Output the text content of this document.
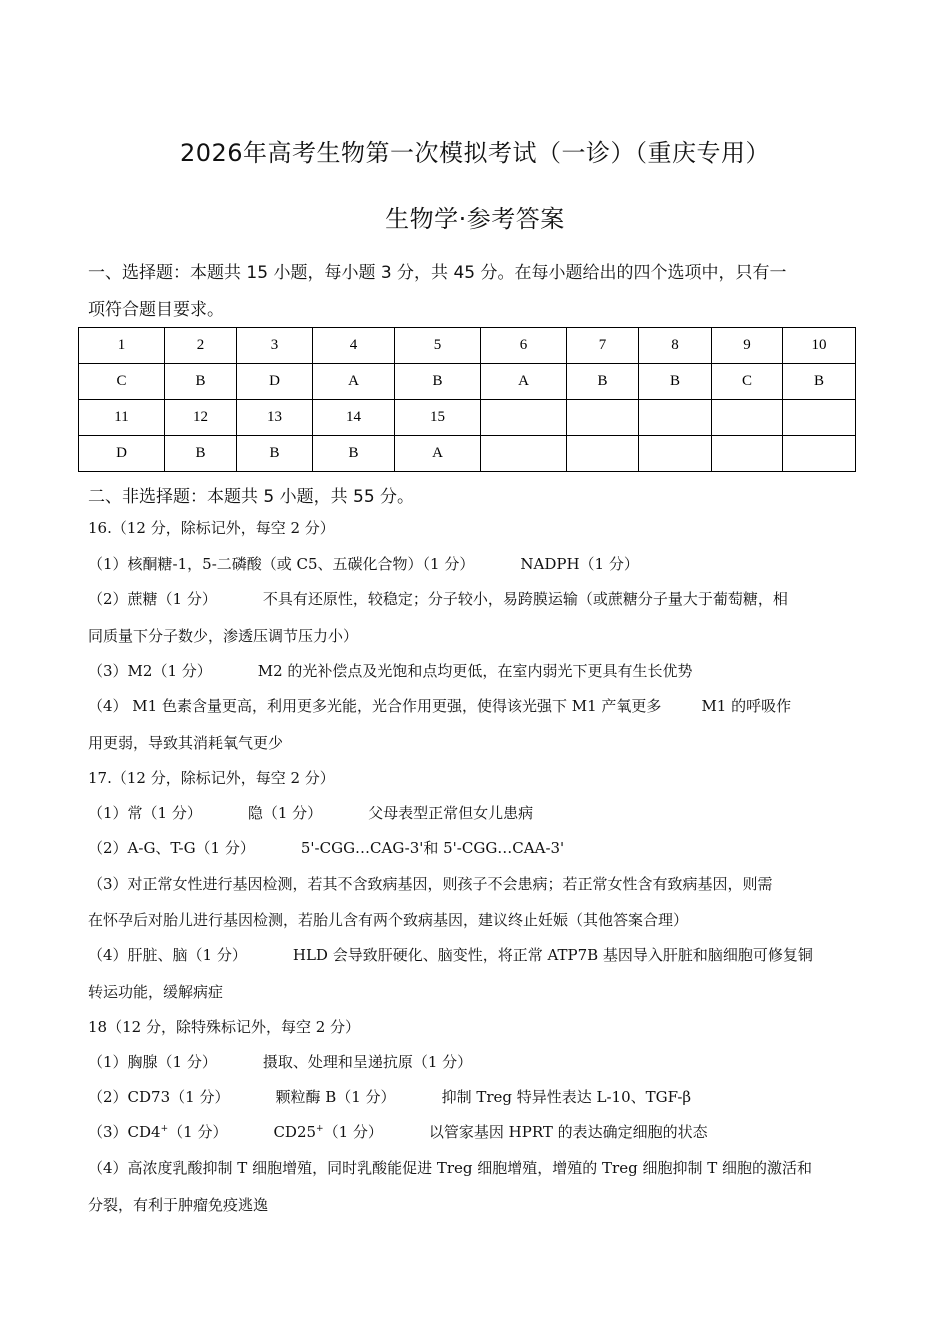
2026年高考生物第一次模拟考试（一诊）（重庆专用）
生物学·参考答案
一、选择题：本题共 15 小题，每小题 3 分，共 45 分。在每小题给出的四个选项中，只有一
项符合题目要求。
1	2	3	4	5	6	7	8	9	10
C	B	D	A	B	A	B	B	C	B
11	12	13	14	15					
D	B	B	B	A					
二、非选择题：本题共 5 小题，共 55 分。
16.（12 分，除标记外，每空 2 分）
（1）核酮糖-1，5-二磷酸（或 C5、五碳化合物）（1 分）	NADPH（1 分）
（2）蔗糖（1 分）	不具有还原性，较稳定；分子较小，易跨膜运输（或蔗糖分子量大于葡萄糖，相
同质量下分子数少，渗透压调节压力小）
（3）M2（1 分）	M2 的光补偿点及光饱和点均更低，在室内弱光下更具有生长优势
（4） M1 色素含量更高，利用更多光能，光合作用更强，使得该光强下 M1 产氧更多	M1 的呼吸作
用更弱，导致其消耗氧气更少
17.（12 分，除标记外，每空 2 分）
（1）常（1 分）	隐（1 分）	父母表型正常但女儿患病
（2）A-G、T-G（1 分）	5'-CGG…CAG-3'和 5'-CGG…CAA-3'
（3）对正常女性进行基因检测，若其不含致病基因，则孩子不会患病；若正常女性含有致病基因，则需
在怀孕后对胎儿进行基因检测，若胎儿含有两个致病基因，建议终止妊娠（其他答案合理）
（4）肝脏、脑（1 分）	HLD 会导致肝硬化、脑变性，将正常 ATP7B 基因导入肝脏和脑细胞可修复铜
转运功能，缓解病症
18（12 分，除特殊标记外，每空 2 分）
（1）胸腺（1 分）	摄取、处理和呈递抗原（1 分）
（2）CD73（1 分）	颗粒酶 B（1 分）	抑制 Treg 特异性表达 L-10、TGF-β
（3）CD4+（1 分）	CD25+（1 分）	以管家基因 HPRT 的表达确定细胞的状态
（4）高浓度乳酸抑制 T 细胞增殖，同时乳酸能促进 Treg 细胞增殖，增殖的 Treg 细胞抑制 T 细胞的激活和
分裂，有利于肿瘤免疫逃逸
